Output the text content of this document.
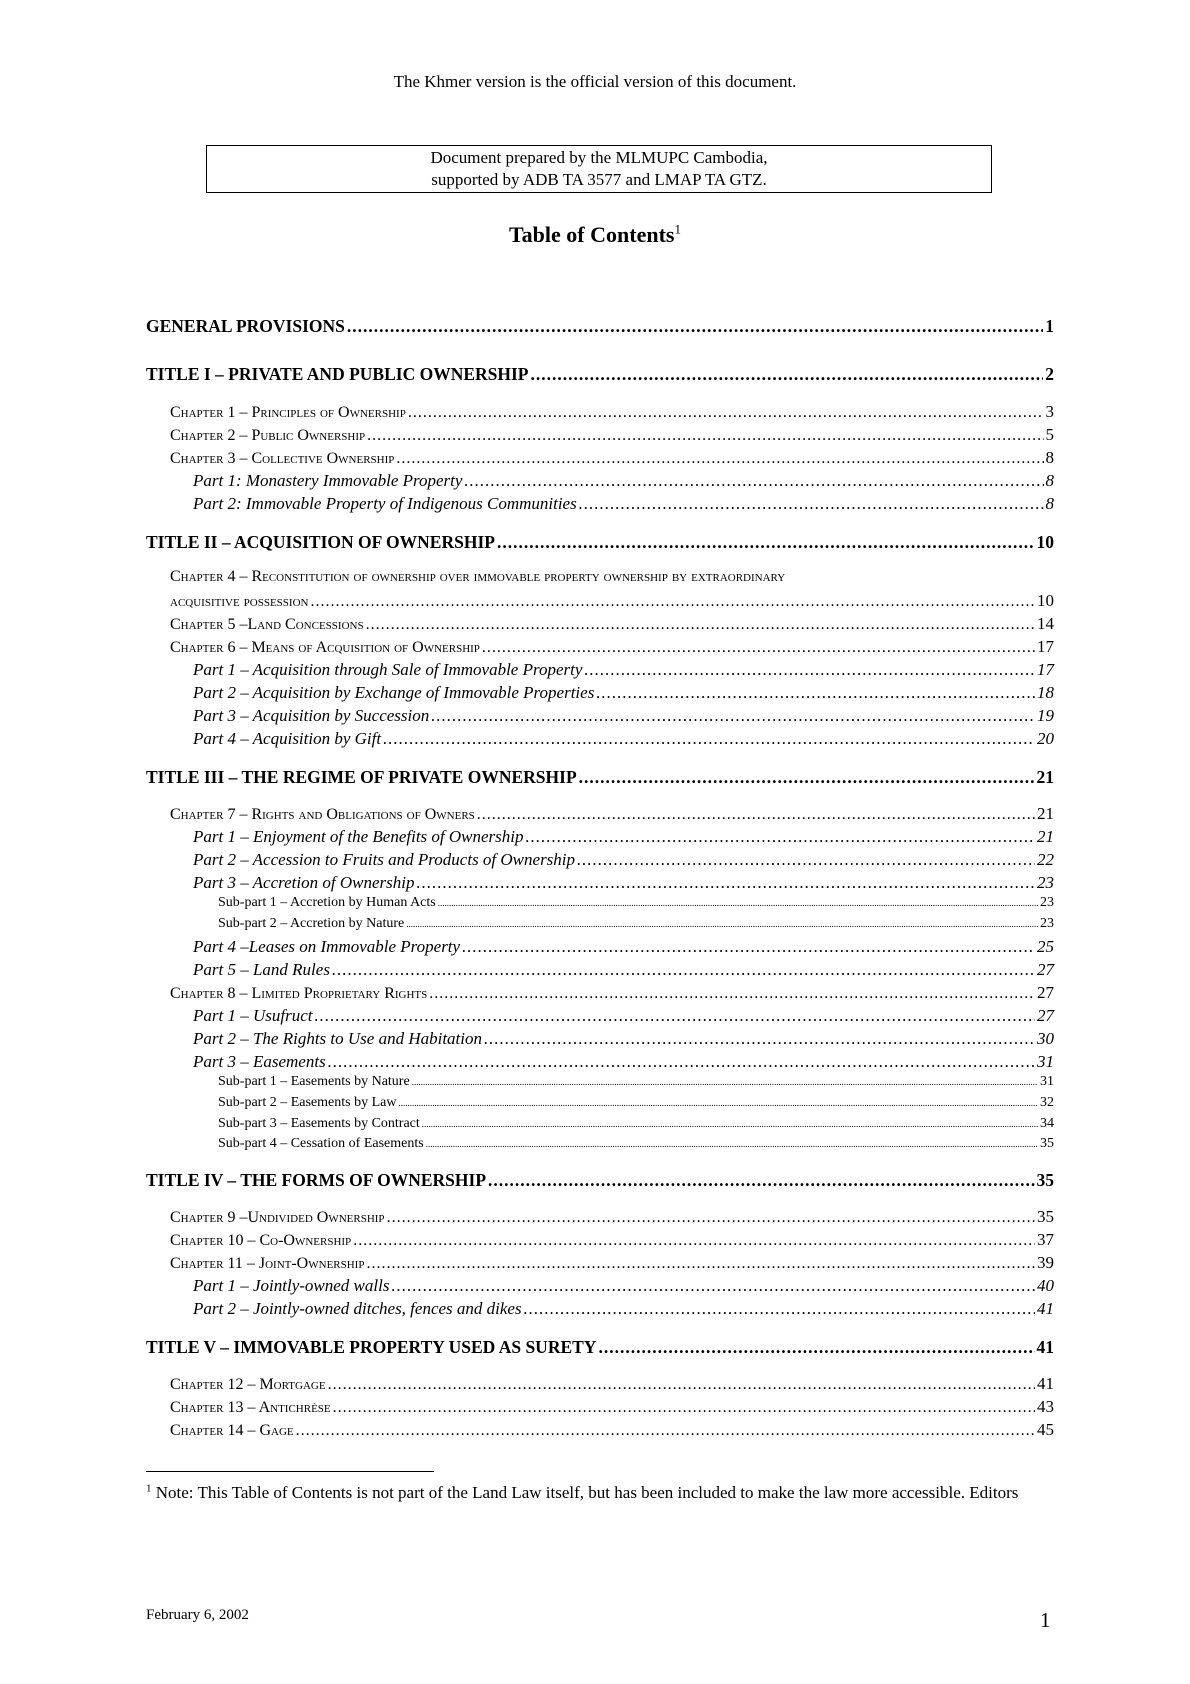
The Khmer version is the official version of this document.
Document prepared by the MLMUPC Cambodia,
supported by ADB TA 3577 and LMAP TA GTZ.
Table of Contents$^1$
GENERAL PROVISIONS .....	1
TITLE I – PRIVATE AND PUBLIC OWNERSHIP .....	2
Chapter 1 – Principles of Ownership .....	3
Chapter 2 – Public Ownership .....	5
Chapter 3 – Collective Ownership .....	8
Part 1: Monastery Immovable Property .....	8
Part 2: Immovable Property of Indigenous Communities .....	8
TITLE II – ACQUISITION OF OWNERSHIP .....	10
Chapter 4 – Reconstitution of ownership over immovable property ownership by extraordinary
acquisitive possession .....	10
Chapter 5 –Land Concessions .....	14
Chapter 6 – Means of Acquisition of Ownership .....	17
Part 1 – Acquisition through Sale of Immovable Property .....	17
Part 2 – Acquisition by Exchange of Immovable Properties .....	18
Part 3 – Acquisition by Succession .....	19
Part 4 – Acquisition by Gift .....	20
TITLE III – THE REGIME OF PRIVATE OWNERSHIP .....	21
Chapter 7 – Rights and Obligations of Owners .....	21
Part 1 – Enjoyment of the Benefits of Ownership .....	21
Part 2 – Accession to Fruits and Products of Ownership .....	22
Part 3 – Accretion of Ownership .....	23
Sub-part 1 – Accretion by Human Acts .....	23
Sub-part 2 – Accretion by Nature .....	23
Part 4 –Leases on Immovable Property .....	25
Part 5 – Land Rules .....	27
Chapter 8 – Limited Proprietary Rights .....	27
Part 1 – Usufruct .....	27
Part 2 – The Rights to Use and Habitation .....	30
Part 3 – Easements .....	31
Sub-part 1 – Easements by Nature .....	31
Sub-part 2 – Easements by Law .....	32
Sub-part 3 – Easements by Contract .....	34
Sub-part 4 – Cessation of Easements .....	35
TITLE IV – THE FORMS OF OWNERSHIP .....	35
Chapter 9 –Undivided Ownership .....	35
Chapter 10 – Co-Ownership .....	37
Chapter 11 – Joint-Ownership .....	39
Part 1 – Jointly-owned walls .....	40
Part 2 – Jointly-owned ditches, fences and dikes .....	41
TITLE V – IMMOVABLE PROPERTY USED AS SURETY .....	41
Chapter 12 – Mortgage .....	41
Chapter 13 – Antichrèse .....	43
Chapter 14 – Gage .....	45
$^1$ Note: This Table of Contents is not part of the Land Law itself, but has been included to make the law more accessible. Editors
February 6, 2002	1
